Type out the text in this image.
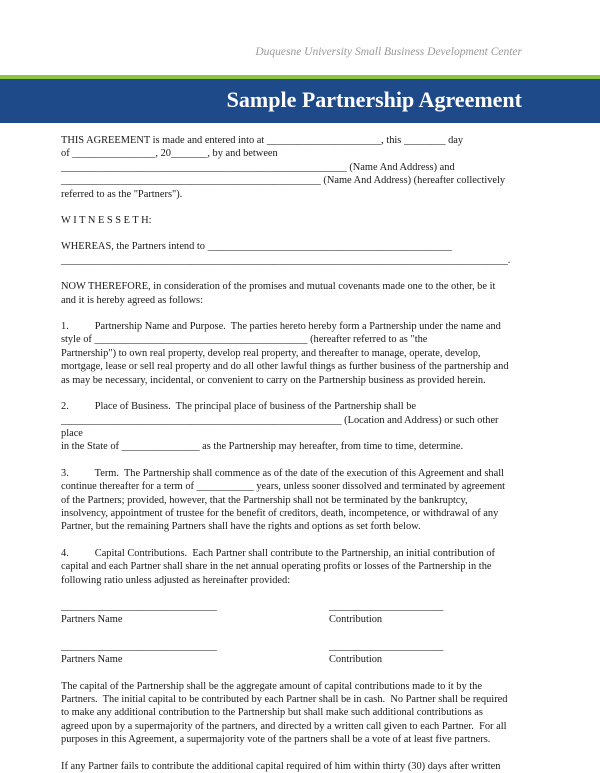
Duquesne University Small Business Development Center
Sample Partnership Agreement

THIS AGREEMENT is made and entered into at ______________________, this ________ day

of ________________, 20_______, by and between

_______________________________________________________ (Name And Address) and

__________________________________________________ (Name And Address) (hereafter collectively

referred to as the "Partners").

W I T N E S S E T H:

WHEREAS, the Partners intend to _______________________________________________

______________________________________________________________________________________.

NOW THEREFORE, in consideration of the promises and mutual covenants made one to the other, be it

and it is hereby agreed as follows:

1.          Partnership Name and Purpose.  The parties hereto hereby form a Partnership under the name and

style of _________________________________________ (hereafter referred to as "the

Partnership") to own real property, develop real property, and thereafter to manage, operate, develop,

mortgage, lease or sell real property and do all other lawful things as further business of the partnership and

as may be necessary, incidental, or convenient to carry on the Partnership business as provided herein.

2.          Place of Business.  The principal place of business of the Partnership shall be

______________________________________________________ (Location and Address) or such other place

in the State of _______________ as the Partnership may hereafter, from time to time, determine.

3.          Term.  The Partnership shall commence as of the date of the execution of this Agreement and shall

continue thereafter for a term of ___________ years, unless sooner dissolved and terminated by agreement

of the Partners; provided, however, that the Partnership shall not be terminated by the bankruptcy,

insolvency, appointment of trustee for the benefit of creditors, death, incompetence, or withdrawal of any

Partner, but the remaining Partners shall have the rights and options as set forth below.

4.          Capital Contributions.  Each Partner shall contribute to the Partnership, an initial contribution of

capital and each Partner shall share in the net annual operating profits or losses of the Partnership in the

following ratio unless adjusted as hereinafter provided:

______________________________	______________________

Partners Name	Contribution

______________________________	______________________

Partners Name	Contribution

The capital of the Partnership shall be the aggregate amount of capital contributions made to it by the

Partners.  The initial capital to be contributed by each Partner shall be in cash.  No Partner shall be required

to make any additional contribution to the Partnership but shall make such additional contributions as

agreed upon by a supermajority of the partners, and directed by a written call given to each Partner.  For all

purposes in this Agreement, a supermajority vote of the partners shall be a vote of at least five partners.

If any Partner fails to contribute the additional capital required of him within thirty (30) days after written
